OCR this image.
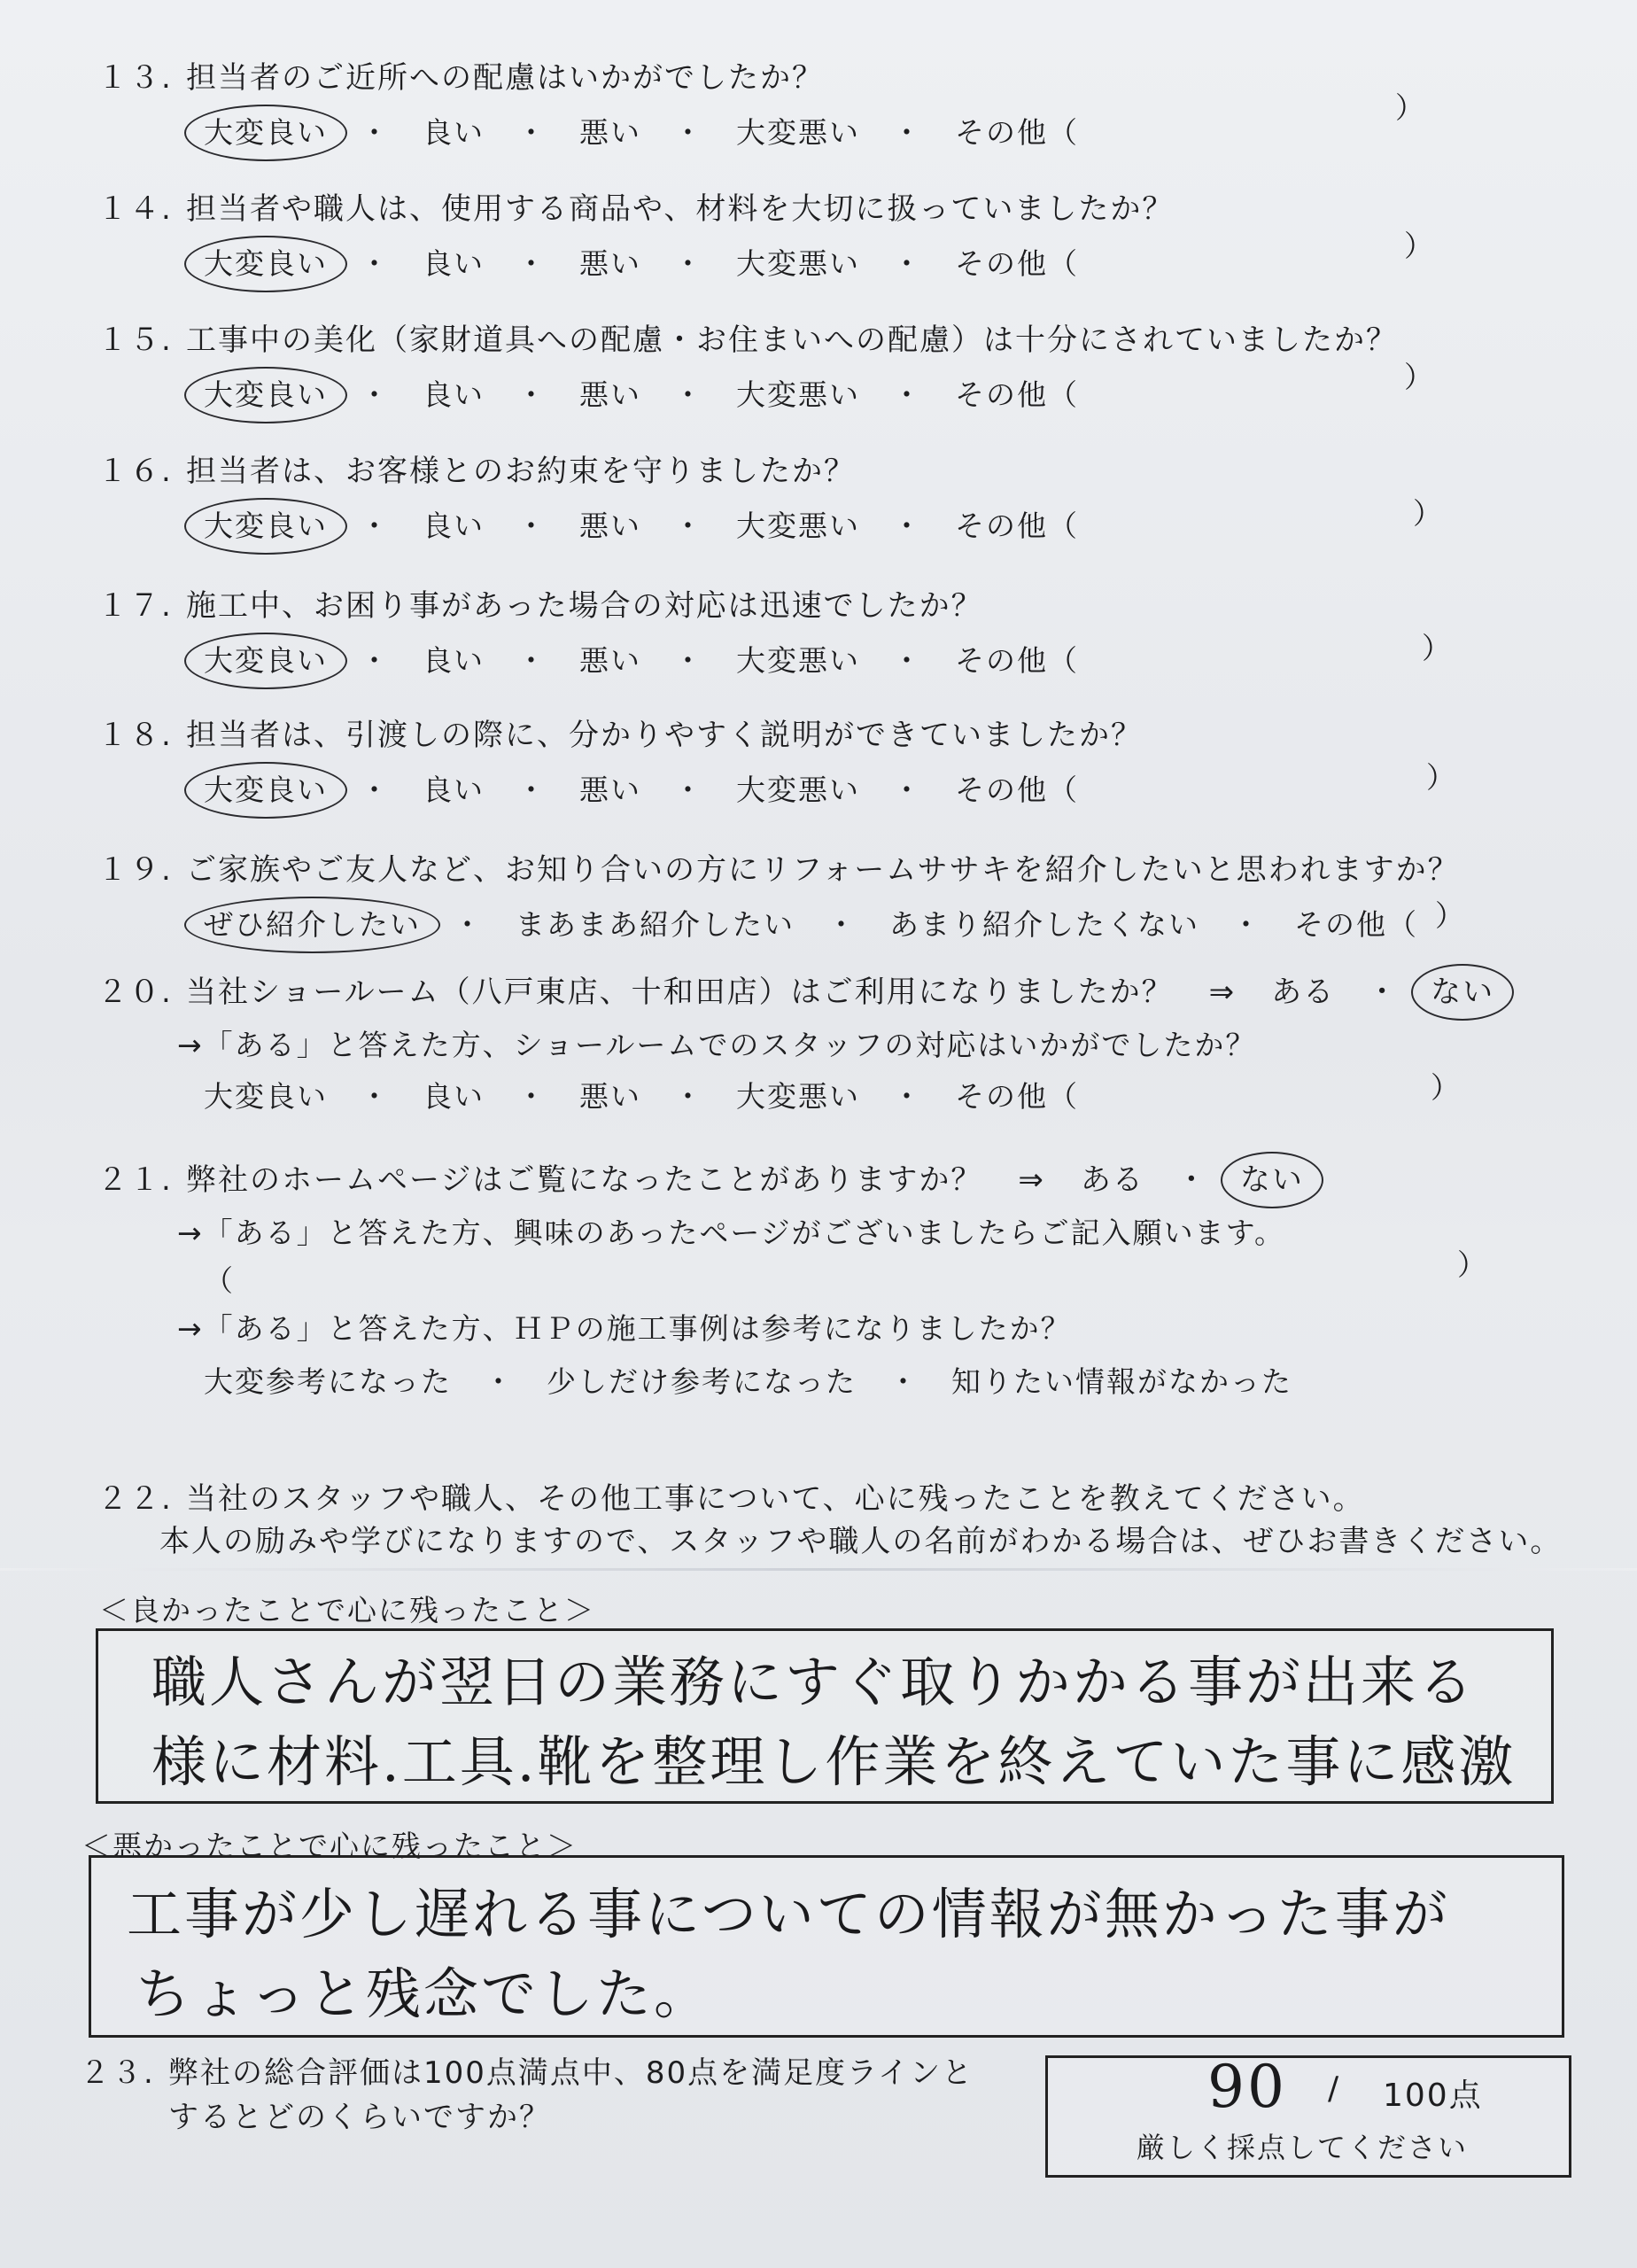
１３. 担当者のご近所への配慮はいかがでしたか？
大変良い ・ 良い ・ 悪い ・ 大変悪い ・ その他（
）
１４. 担当者や職人は、使用する商品や、材料を大切に扱っていましたか？
大変良い ・ 良い ・ 悪い ・ 大変悪い ・ その他（
）
１５. 工事中の美化（家財道具への配慮・お住まいへの配慮）は十分にされていましたか？
大変良い ・ 良い ・ 悪い ・ 大変悪い ・ その他（
）
１６. 担当者は、お客様とのお約束を守りましたか？
大変良い ・ 良い ・ 悪い ・ 大変悪い ・ その他（	）
１７. 施工中、お困り事があった場合の対応は迅速でしたか？
大変良い ・ 良い ・ 悪い ・ 大変悪い ・ その他（	）
１８. 担当者は、引渡しの際に、分かりやすく説明ができていましたか？
大変良い ・ 良い ・ 悪い ・ 大変悪い ・ その他（	）
１９. ご家族やご友人など、お知り合いの方にリフォームササキを紹介したいと思われますか？
ぜひ紹介したい ・ まあまあ紹介したい ・ あまり紹介したくない ・ その他（ ）
２０. 当社ショールーム（八戸東店、十和田店）はご利用になりましたか？ ⇒ ある ・ ない
→「ある」と答えた方、ショールームでのスタッフの対応はいかがでしたか？
大変良い ・ 良い ・ 悪い ・ 大変悪い ・ その他（	）
２１. 弊社のホームページはご覧になったことがありますか？ ⇒ ある ・ ない
→「ある」と答えた方、興味のあったページがございましたらご記入願います。
（	）
→「ある」と答えた方、ＨＰの施工事例は参考になりましたか？
大変参考になった ・ 少しだけ参考になった ・ 知りたい情報がなかった
２２. 当社のスタッフや職人、その他工事について、心に残ったことを教えてください。
本人の励みや学びになりますので、スタッフや職人の名前がわかる場合は、ぜひお書きください。
＜良かったことで心に残ったこと＞
職人さんが翌日の業務にすぐ取りかかる事が出来る
様に材料.工具.靴を整理し作業を終えていた事に感激
＜悪かったことで心に残ったこと＞
工事が少し遅れる事についての情報が無かった事が
ちょっと残念でした。
２３. 弊社の総合評価は100点満点中、80点を満足度ラインと
するとどのくらいですか？	90 / 100点
厳しく採点してください
